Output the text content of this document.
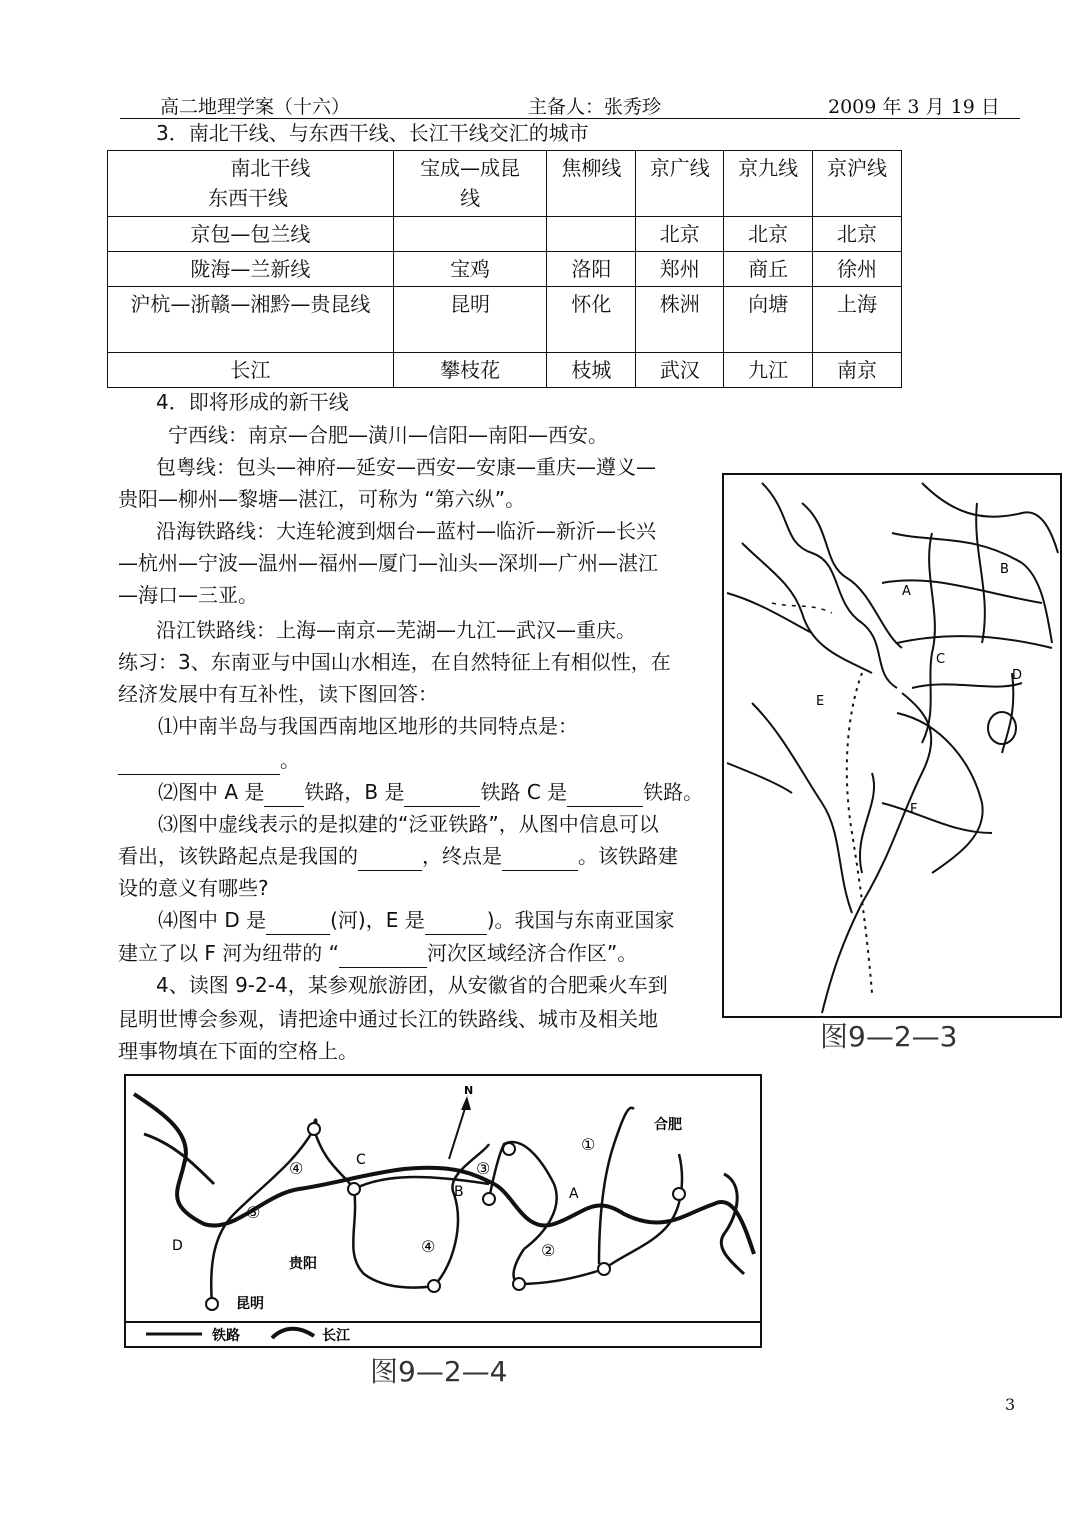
高二地理学案（十六）	主备人：张秀珍	2009 年 3 月 19 日
3．南北干线、与东西干线、长江干线交汇的城市
南北干线
东西干线	宝成—成昆线	焦柳线	京广线	京九线	京沪线
京包—包兰线			北京	北京	北京
陇海—兰新线	宝鸡	洛阳	郑州	商丘	徐州
沪杭—浙赣—湘黔—贵昆线	昆明	怀化	株洲	向塘	上海
长江	攀枝花	枝城	武汉	九江	南京
4．即将形成的新干线
宁西线：南京—合肥—潢川—信阳—南阳—西安。
包粤线：包头—神府—延安—西安—安康—重庆—遵义—
贵阳—柳州—黎塘—湛江，可称为 “第六纵”。
沿海铁路线：大连轮渡到烟台—蓝村—临沂—新沂—长兴
—杭州—宁波—温州—福州—厦门—汕头—深圳—广州—湛江
—海口—三亚。
沿江铁路线：上海—南京—芜湖—九江—武汉—重庆。
练习：3、东南亚与中国山水相连，在自然特征上有相似性，在
经济发展中有互补性，读下图回答：
⑴中南半岛与我国西南地区地形的共同特点是：
。
⑵图中 A 是 铁路，B 是	铁路 C 是	铁路。
⑶图中虚线表示的是拟建的“泛亚铁路”，从图中信息可以
看出，该铁路起点是我国的	，终点是	。该铁路建
设的意义有哪些?
⑷图中 D 是	(河)，E 是	)。我国与东南亚国家
建立了以 F 河为纽带的 “	河次区域经济合作区”。
4、读图 9-2-4，某参观旅游团，从安徽省的合肥乘火车到
昆明世博会参观，请把途中通过长江的铁路线、城市及相关地
理事物填在下面的空格上。
A
B
C
D
E
F
图9—2—3
N
合肥
贵阳
昆明
A
B
C
D
①
②
③
④
④
⑤
铁路	长江
图9—2—4
3
